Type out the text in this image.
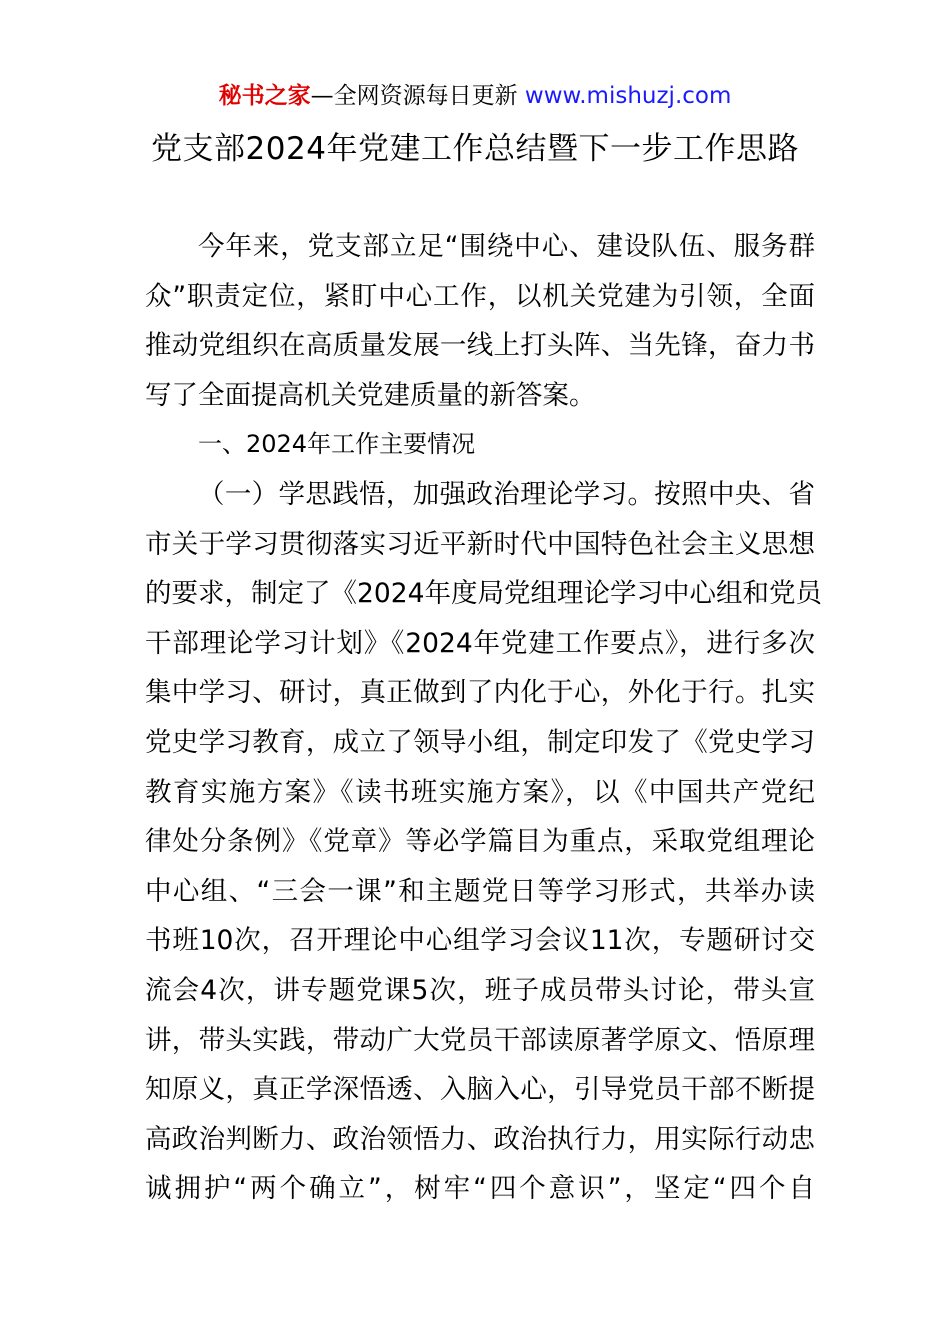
秘书之家—全网资源每日更新 www.mishuzj.com
党支部2024年党建工作总结暨下一步工作思路
今年来，党支部立足“围绕中心、建设队伍、服务群
众”职责定位，紧盯中心工作，以机关党建为引领，全面
推动党组织在高质量发展一线上打头阵、当先锋，奋力书
写了全面提高机关党建质量的新答案。
一、2024年工作主要情况
（一）学思践悟，加强政治理论学习。按照中央、省
市关于学习贯彻落实习近平新时代中国特色社会主义思想
的要求，制定了《2024年度局党组理论学习中心组和党员
干部理论学习计划》《2024年党建工作要点》，进行多次
集中学习、研讨，真正做到了内化于心，外化于行。扎实
党史学习教育，成立了领导小组，制定印发了《党史学习
教育实施方案》《读书班实施方案》，以《中国共产党纪
律处分条例》《党章》等必学篇目为重点，采取党组理论
中心组、“三会一课”和主题党日等学习形式，共举办读
书班10次，召开理论中心组学习会议11次，专题研讨交
流会4次，讲专题党课5次，班子成员带头讨论，带头宣
讲，带头实践，带动广大党员干部读原著学原文、悟原理
知原义，真正学深悟透、入脑入心，引导党员干部不断提
高政治判断力、政治领悟力、政治执行力，用实际行动忠
诚拥护“两个确立”，树牢“四个意识”，坚定“四个自
